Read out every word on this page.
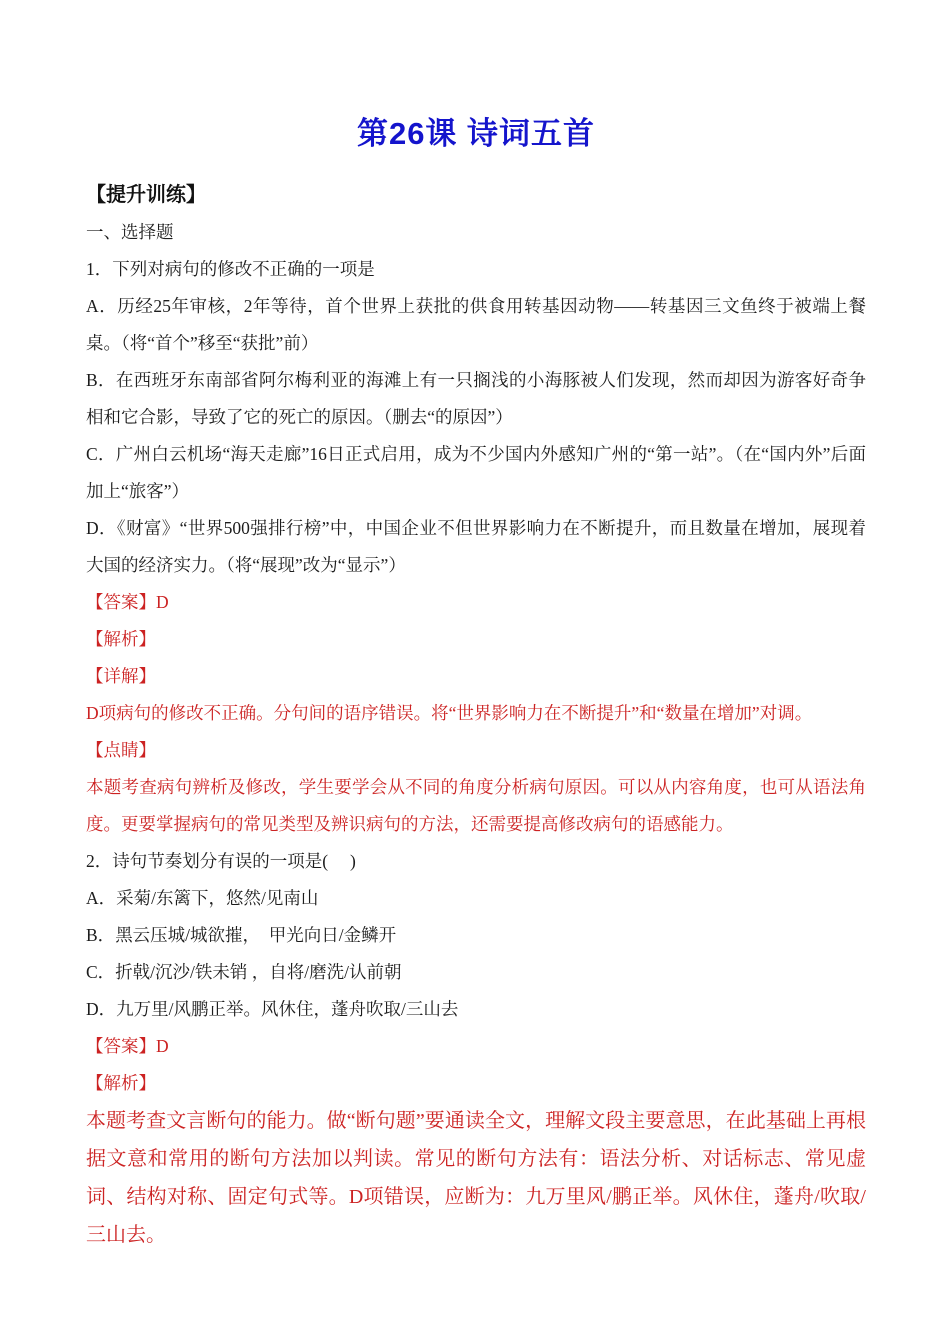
第26课 诗词五首

【提升训练】

一、选择题

1．下列对病句的修改不正确的一项是

A．历经25年审核，2年等待，首个世界上获批的供食用转基因动物——转基因三文鱼终于被端上餐桌。（将“首个”移至“获批”前）

B．在西班牙东南部省阿尔梅利亚的海滩上有一只搁浅的小海豚被人们发现，然而却因为游客好奇争相和它合影，导致了它的死亡的原因。（删去“的原因”）

C．广州白云机场“海天走廊”16日正式启用，成为不少国内外感知广州的“第一站”。（在“国内外”后面加上“旅客”）

D．《财富》“世界500强排行榜”中，中国企业不但世界影响力在不断提升，而且数量在增加，展现着大国的经济实力。（将“展现”改为“显示”）

【答案】D

【解析】

【详解】

D项病句的修改不正确。分句间的语序错误。将“世界影响力在不断提升”和“数量在增加”对调。

【点睛】

本题考查病句辨析及修改，学生要学会从不同的角度分析病句原因。可以从内容角度，也可从语法角度。更要掌握病句的常见类型及辨识病句的方法，还需要提高修改病句的语感能力。

2．诗句节奏划分有误的一项是(　 )

A．采菊/东篱下，悠然/见南山

B．黑云压城/城欲摧，　甲光向日/金鳞开

C．折戟/沉沙/铁未销 ，自将/磨洗/认前朝

D．九万里/风鹏正举。风休住，蓬舟吹取/三山去

【答案】D

【解析】

本题考查文言断句的能力。做“断句题”要通读全文，理解文段主要意思，在此基础上再根据文意和常用的断句方法加以判读。常见的断句方法有：语法分析、对话标志、常见虚词、结构对称、固定句式等。D项错误，应断为：九万里风/鹏正举。风休住，蓬舟/吹取/三山去。
